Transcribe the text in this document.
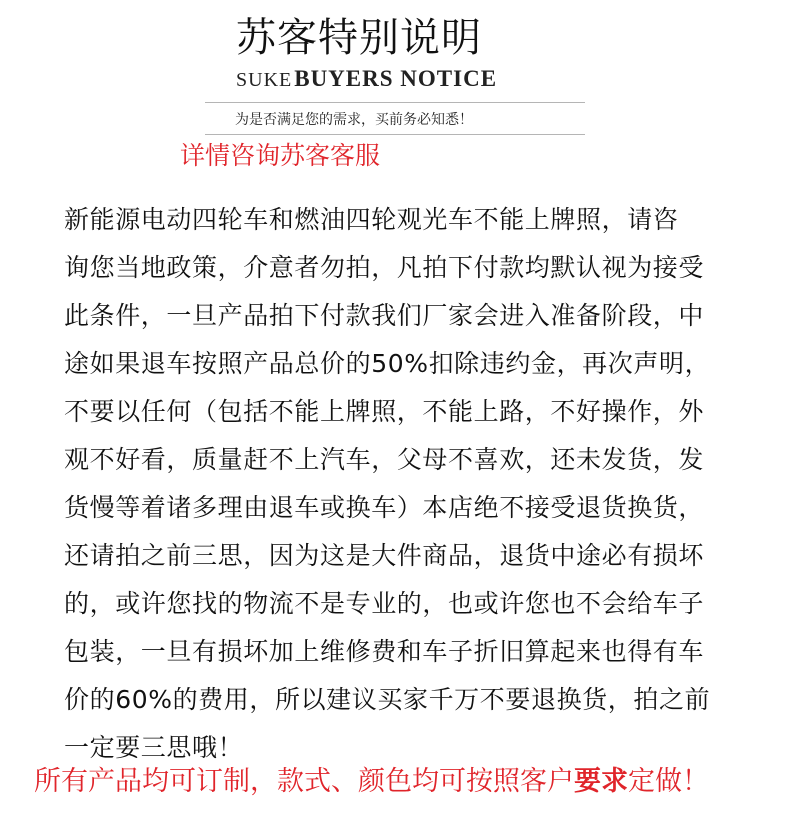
苏客特别说明
SUKEBUYERS NOTICE
为是否满足您的需求，买前务必知悉！
详情咨询苏客客服
新能源电动四轮车和燃油四轮观光车不能上牌照，请咨
询您当地政策，介意者勿拍，凡拍下付款均默认视为接受
此条件，一旦产品拍下付款我们厂家会进入准备阶段，中
途如果退车按照产品总价的50%扣除违约金，再次声明，
不要以任何（包括不能上牌照，不能上路，不好操作，外
观不好看，质量赶不上汽车，父母不喜欢，还未发货，发
货慢等着诸多理由退车或换车）本店绝不接受退货换货，
还请拍之前三思，因为这是大件商品，退货中途必有损坏
的，或许您找的物流不是专业的，也或许您也不会给车子
包装，一旦有损坏加上维修费和车子折旧算起来也得有车
价的60%的费用，所以建议买家千万不要退换货，拍之前
一定要三思哦！
所有产品均可订制，款式、颜色均可按照客户要求定做！
